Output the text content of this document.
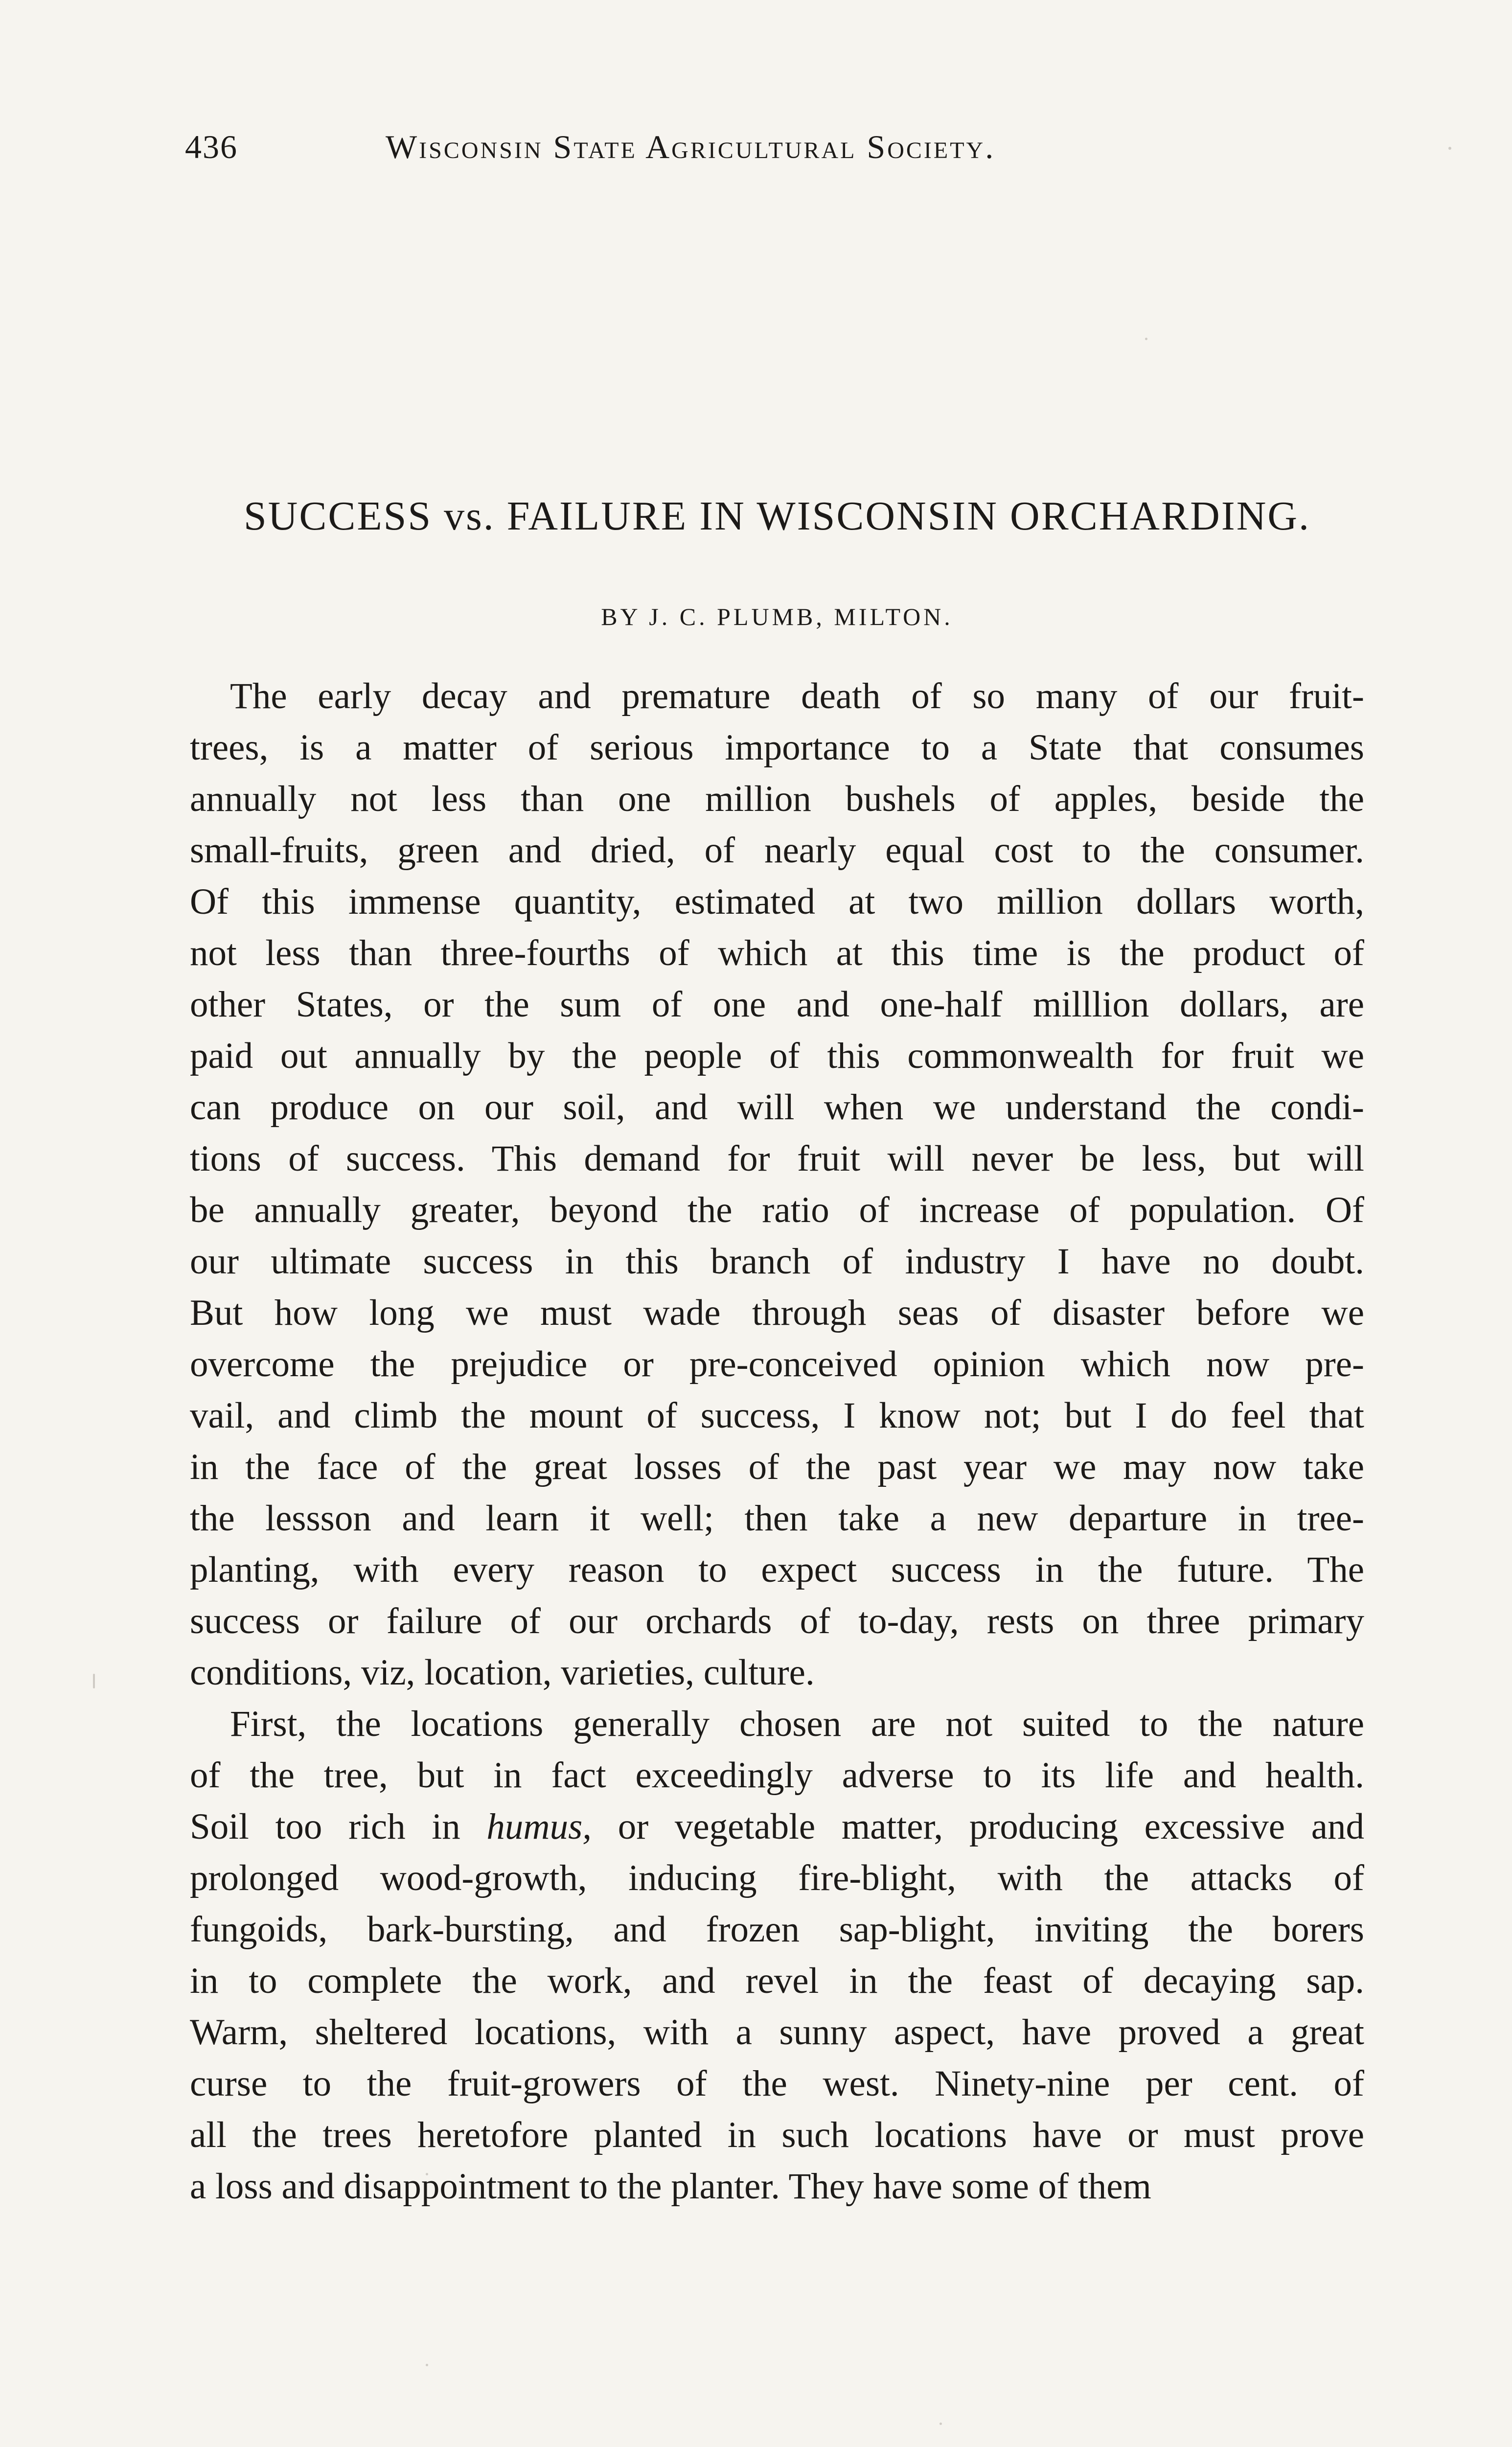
436	Wisconsin State Agricultural Society.
SUCCESS vs. FAILURE IN WISCONSIN ORCHARDING.
BY J. C. PLUMB, MILTON.
The early decay and premature death of so many of our fruit-
trees, is a matter of serious importance to a State that consumes
annually not less than one million bushels of apples, beside the
small-fruits, green and dried, of nearly equal cost to the consumer.
Of this immense quantity, estimated at two million dollars worth,
not less than three-fourths of which at this time is the product of
other States, or the sum of one and one-half milllion dollars, are
paid out annually by the people of this commonwealth for fruit we
can produce on our soil, and will when we understand the condi-
tions of success. This demand for fruit will never be less, but will
be annually greater, beyond the ratio of increase of population. Of
our ultimate success in this branch of industry I have no doubt.
But how long we must wade through seas of disaster before we
overcome the prejudice or pre-conceived opinion which now pre-
vail, and climb the mount of success, I know not; but I do feel that
in the face of the great losses of the past year we may now take
the lessson and learn it well; then take a new departure in tree-
planting, with every reason to expect success in the future. The
success or failure of our orchards of to-day, rests on three primary
conditions, viz, location, varieties, culture.
First, the locations generally chosen are not suited to the nature
of the tree, but in fact exceedingly adverse to its life and health.
Soil too rich in humus, or vegetable matter, producing excessive and
prolonged wood-growth, inducing fire-blight, with the attacks of
fungoids, bark-bursting, and frozen sap-blight, inviting the borers
in to complete the work, and revel in the feast of decaying sap.
Warm, sheltered locations, with a sunny aspect, have proved a great
curse to the fruit-growers of the west. Ninety-nine per cent. of
all the trees heretofore planted in such locations have or must prove
a loss and disappointment to the planter. They have some of them
